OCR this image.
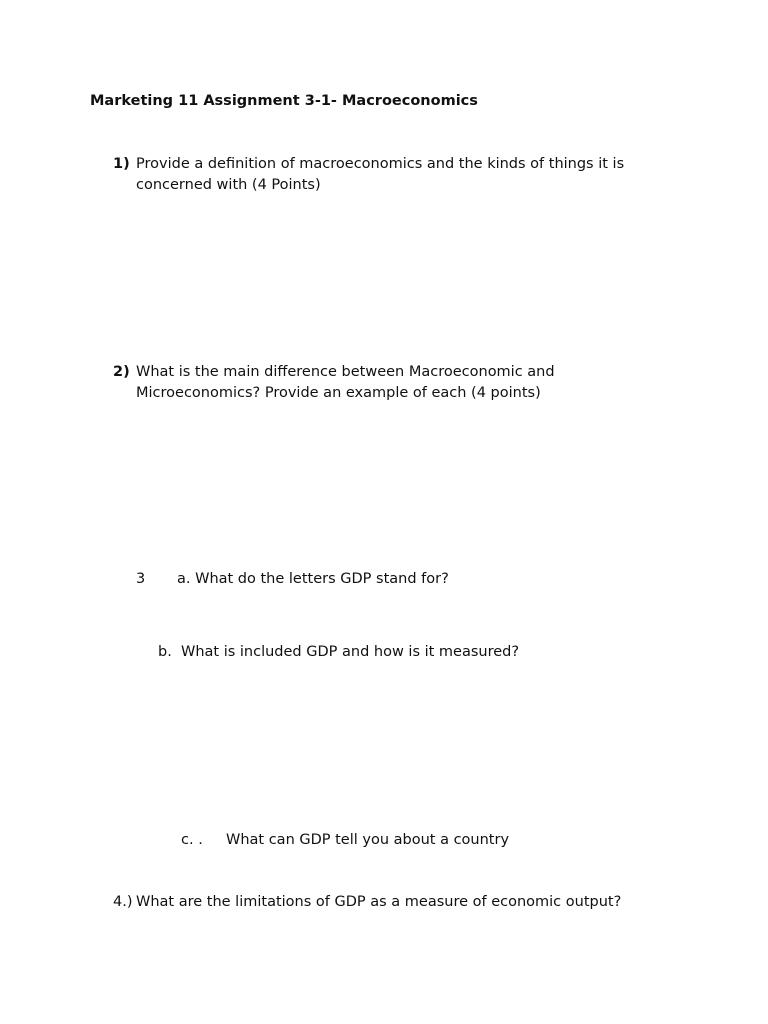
Marketing 11 Assignment 3-1- Macroeconomics
1) Provide a definition of macroeconomics and the kinds of things it is
concerned with (4 Points)
2) What is the main difference between Macroeconomic and
Microeconomics? Provide an example of each (4 points)
3 a. What do the letters GDP stand for?
b. What is included GDP and how is it measured?
c. . What can GDP tell you about a country
4.) What are the limitations of GDP as a measure of economic output?
